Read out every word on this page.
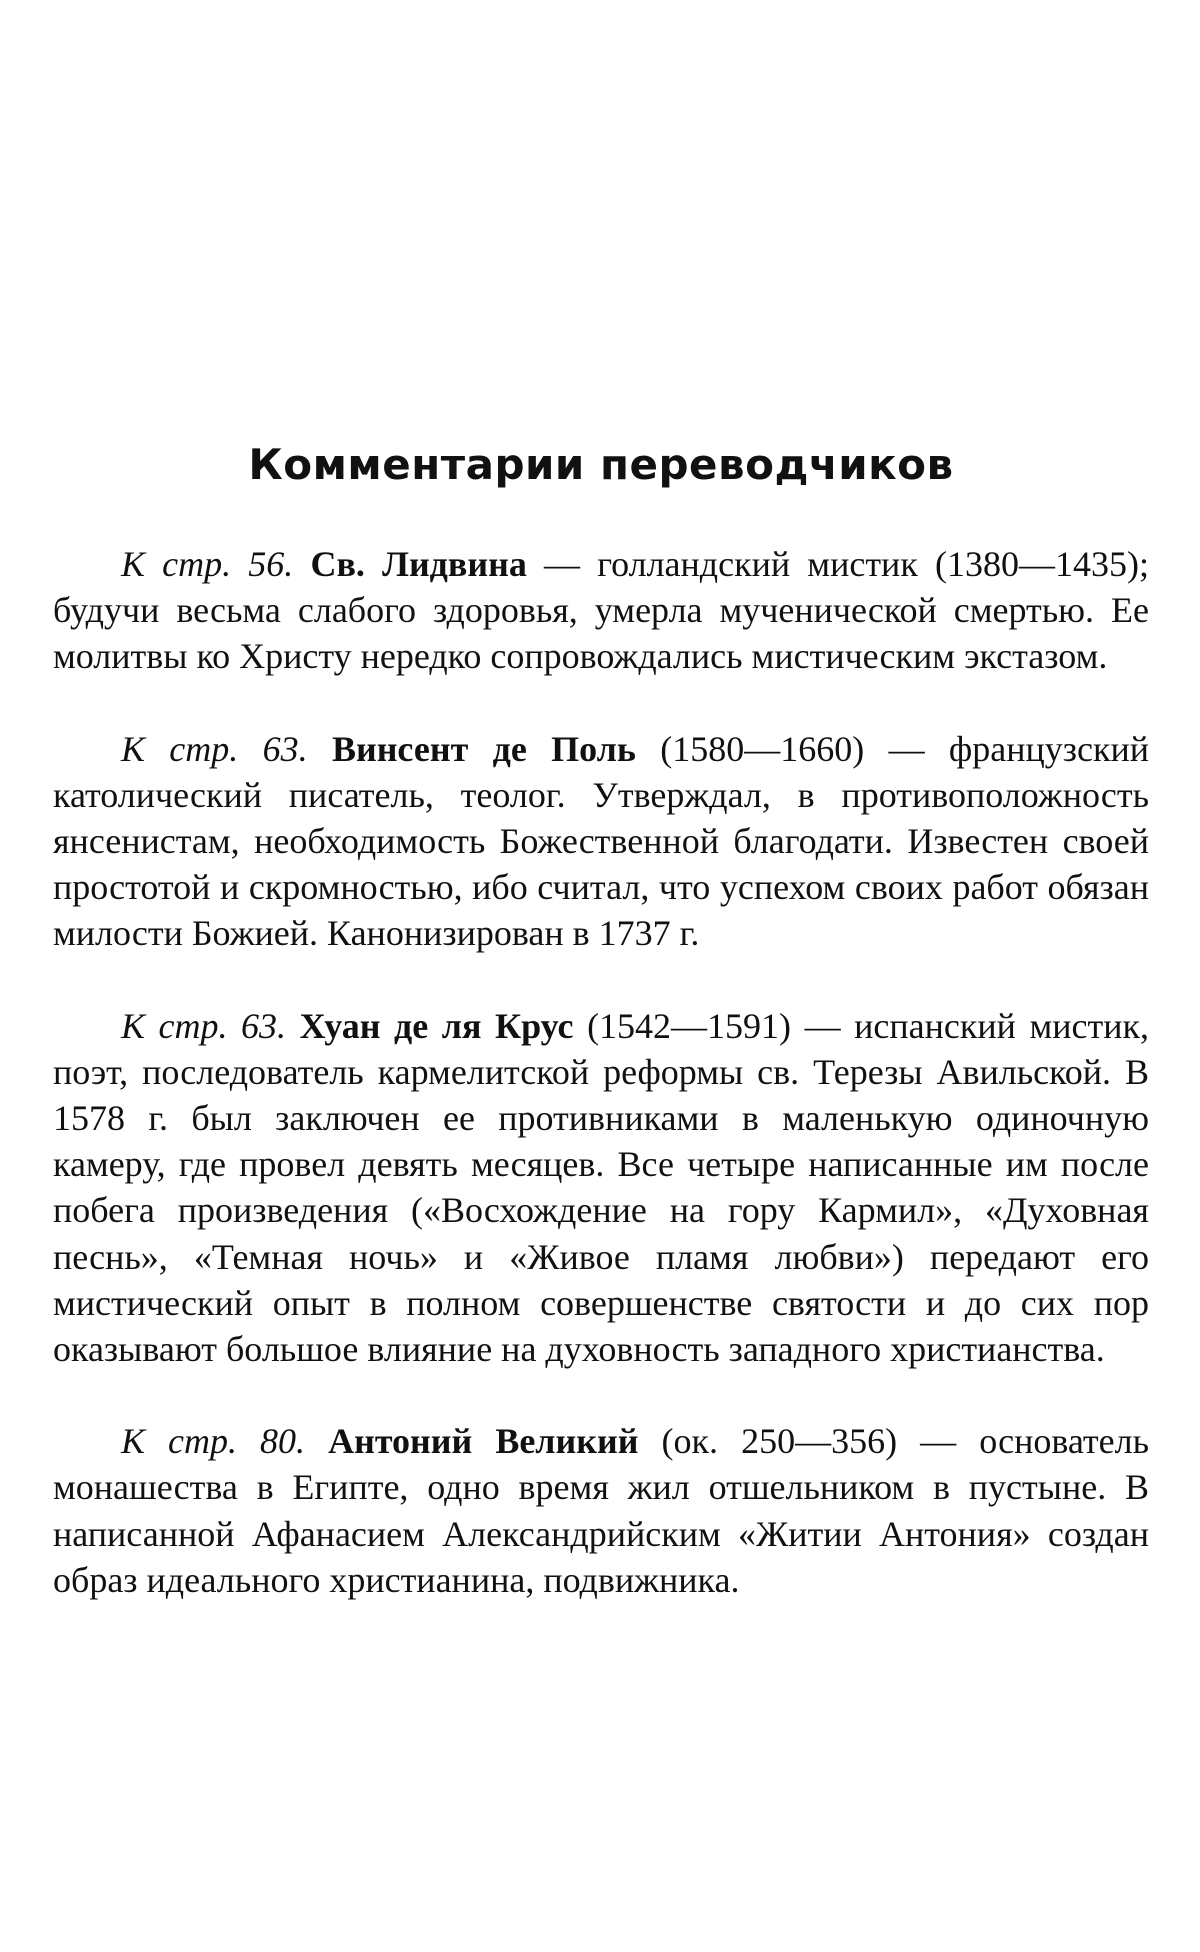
Комментарии переводчиков

К стр. 56. Св. Лидвина — голландский мистик (1380—1435); будучи весьма слабого здоровья, умерла мученической смертью. Ее молитвы ко Христу нередко сопровождались мистическим экстазом.

К стр. 63. Винсент де Поль (1580—1660) — французский католический писатель, теолог. Утверждал, в противоположность янсенистам, необходимость Божественной благодати. Известен своей простотой и скромностью, ибо считал, что успехом своих работ обязан милости Божией. Канонизирован в 1737 г.

К стр. 63. Хуан де ля Крус (1542—1591) — испанский мистик, поэт, последователь кармелитской реформы св. Терезы Авильской. В 1578 г. был заключен ее противниками в маленькую одиночную камеру, где провел девять месяцев. Все четыре написанные им после побега произведения («Восхождение на гору Кармил», «Духовная песнь», «Темная ночь» и «Живое пламя любви») передают его мистический опыт в полном совершенстве святости и до сих пор оказывают большое влияние на духовность западного христианства.

К стр. 80. Антоний Великий (ок. 250—356) — основатель монашества в Египте, одно время жил отшельником в пустыне. В написанной Афанасием Александрийским «Житии Антония» создан образ идеального христианина, подвижника.
